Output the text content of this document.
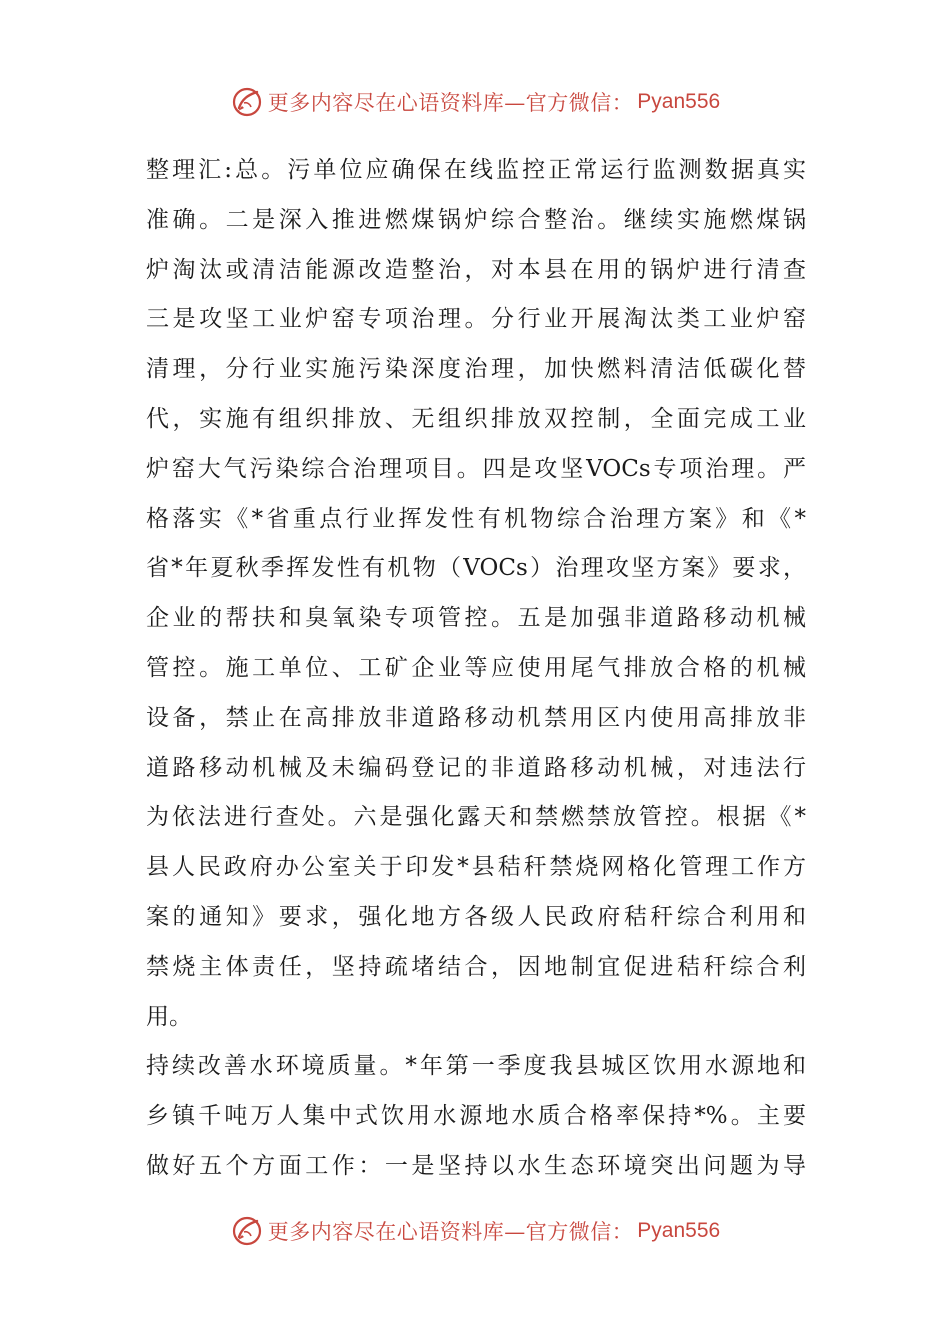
更多内容尽在心语资料库—官方微信： Pyan556
整理汇:总。污单位应确保在线监控正常运行监测数据真实
准确。二是深入推进燃煤锅炉综合整治。继续实施燃煤锅
炉淘汰或清洁能源改造整治，对本县在用的锅炉进行清查
三是攻坚工业炉窑专项治理。分行业开展淘汰类工业炉窑
清理，分行业实施污染深度治理，加快燃料清洁低碳化替
代，实施有组织排放、无组织排放双控制，全面完成工业
炉窑大气污染综合治理项目。四是攻坚VOCs专项治理。严
格落实《*省重点行业挥发性有机物综合治理方案》和《*
省*年夏秋季挥发性有机物（VOCs）治理攻坚方案》要求，
企业的帮扶和臭氧染专项管控。五是加强非道路移动机械
管控。施工单位、工矿企业等应使用尾气排放合格的机械
设备，禁止在高排放非道路移动机禁用区内使用高排放非
道路移动机械及未编码登记的非道路移动机械，对违法行
为依法进行查处。六是强化露天和禁燃禁放管控。根据《*
县人民政府办公室关于印发*县秸秆禁烧网格化管理工作方
案的通知》要求，强化地方各级人民政府秸秆综合利用和
禁烧主体责任，坚持疏堵结合，因地制宜促进秸秆综合利
用。
持续改善水环境质量。*年第一季度我县城区饮用水源地和
乡镇千吨万人集中式饮用水源地水质合格率保持*%。主要
做好五个方面工作：一是坚持以水生态环境突出问题为导
更多内容尽在心语资料库—官方微信： Pyan556
